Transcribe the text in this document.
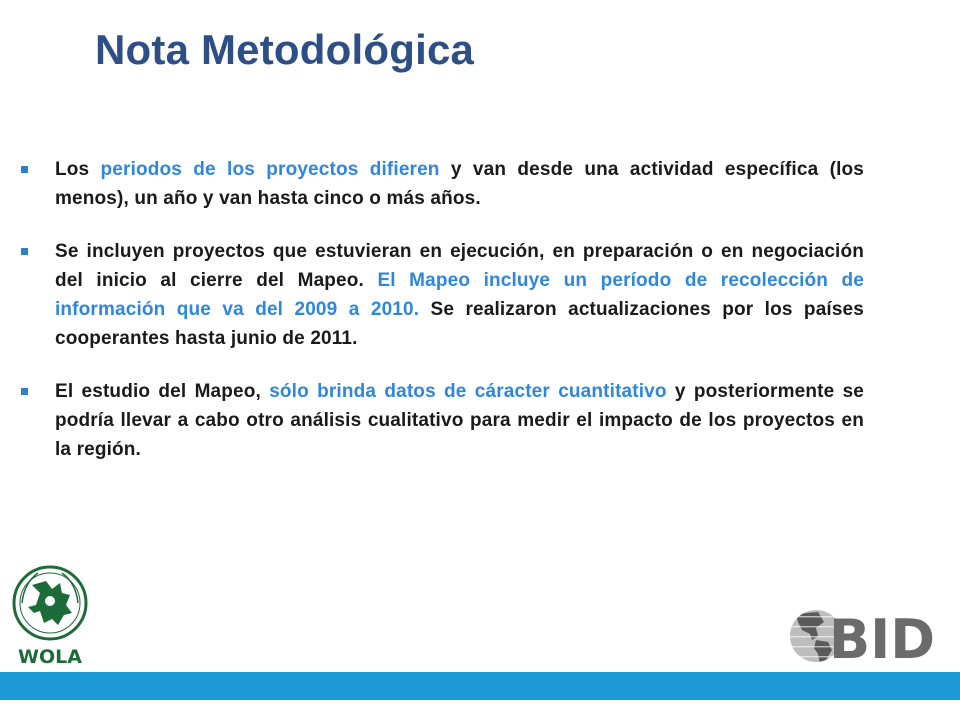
Nota Metodológica
Los periodos de los proyectos difieren y van desde una actividad específica (los menos), un año y van hasta cinco o más años.
Se incluyen proyectos que estuvieran en ejecución, en preparación o en negociación del inicio al cierre del Mapeo. El Mapeo incluye un período de recolección de información que va del 2009 a 2010. Se realizaron actualizaciones por los países cooperantes hasta junio de 2011.
El estudio del Mapeo, sólo brinda datos de cáracter cuantitativo y posteriormente se podría llevar a cabo otro análisis cualitativo para medir el impacto de los proyectos en la región.
WOLA	BID
